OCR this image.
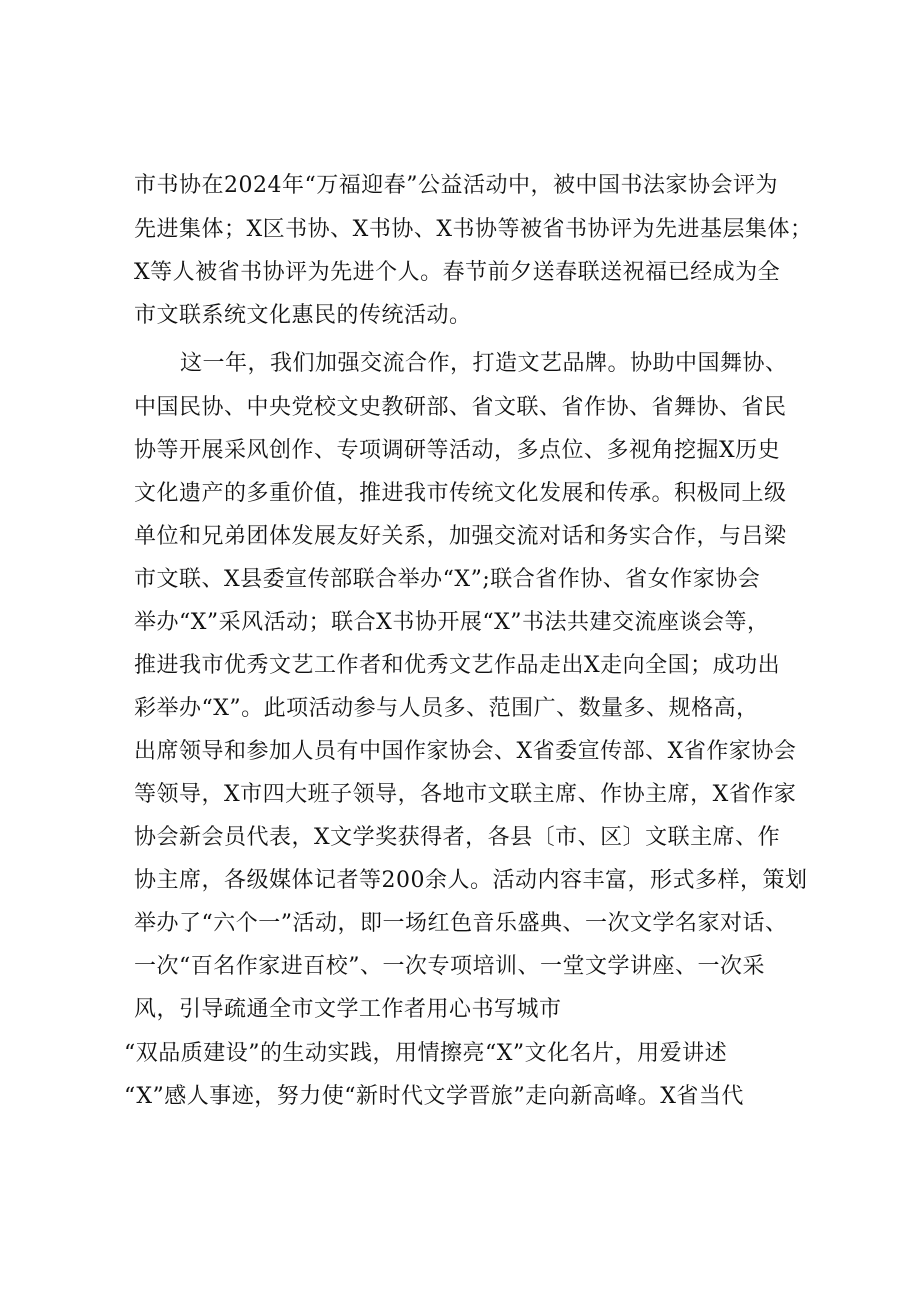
市书协在2024年“万福迎春”公益活动中，被中国书法家协会评为
先进集体；X区书协、X书协、X书协等被省书协评为先进基层集体；
X等人被省书协评为先进个人。春节前夕送春联送祝福已经成为全
市文联系统文化惠民的传统活动。
这一年，我们加强交流合作，打造文艺品牌。协助中国舞协、
中国民协、中央党校文史教研部、省文联、省作协、省舞协、省民
协等开展采风创作、专项调研等活动，多点位、多视角挖掘X历史
文化遗产的多重价值，推进我市传统文化发展和传承。积极同上级
单位和兄弟团体发展友好关系，加强交流对话和务实合作，与吕梁
市文联、X县委宣传部联合举办“X”;联合省作协、省女作家协会
举办“X”采风活动；联合X书协开展“X”书法共建交流座谈会等，
推进我市优秀文艺工作者和优秀文艺作品走出X走向全国；成功出
彩举办“X”。此项活动参与人员多、范围广、数量多、规格高，
出席领导和参加人员有中国作家协会、X省委宣传部、X省作家协会
等领导，X市四大班子领导，各地市文联主席、作协主席，X省作家
协会新会员代表，X文学奖获得者，各县〔市、区〕文联主席、作
协主席，各级媒体记者等200余人。活动内容丰富，形式多样，策划
举办了“六个一”活动，即一场红色音乐盛典、一次文学名家对话、
一次“百名作家进百校”、一次专项培训、一堂文学讲座、一次采
风，引导疏通全市文学工作者用心书写城市
“双品质建设”的生动实践，用情擦亮“X”文化名片，用爱讲述
“X”感人事迹，努力使“新时代文学晋旅”走向新高峰。X省当代
